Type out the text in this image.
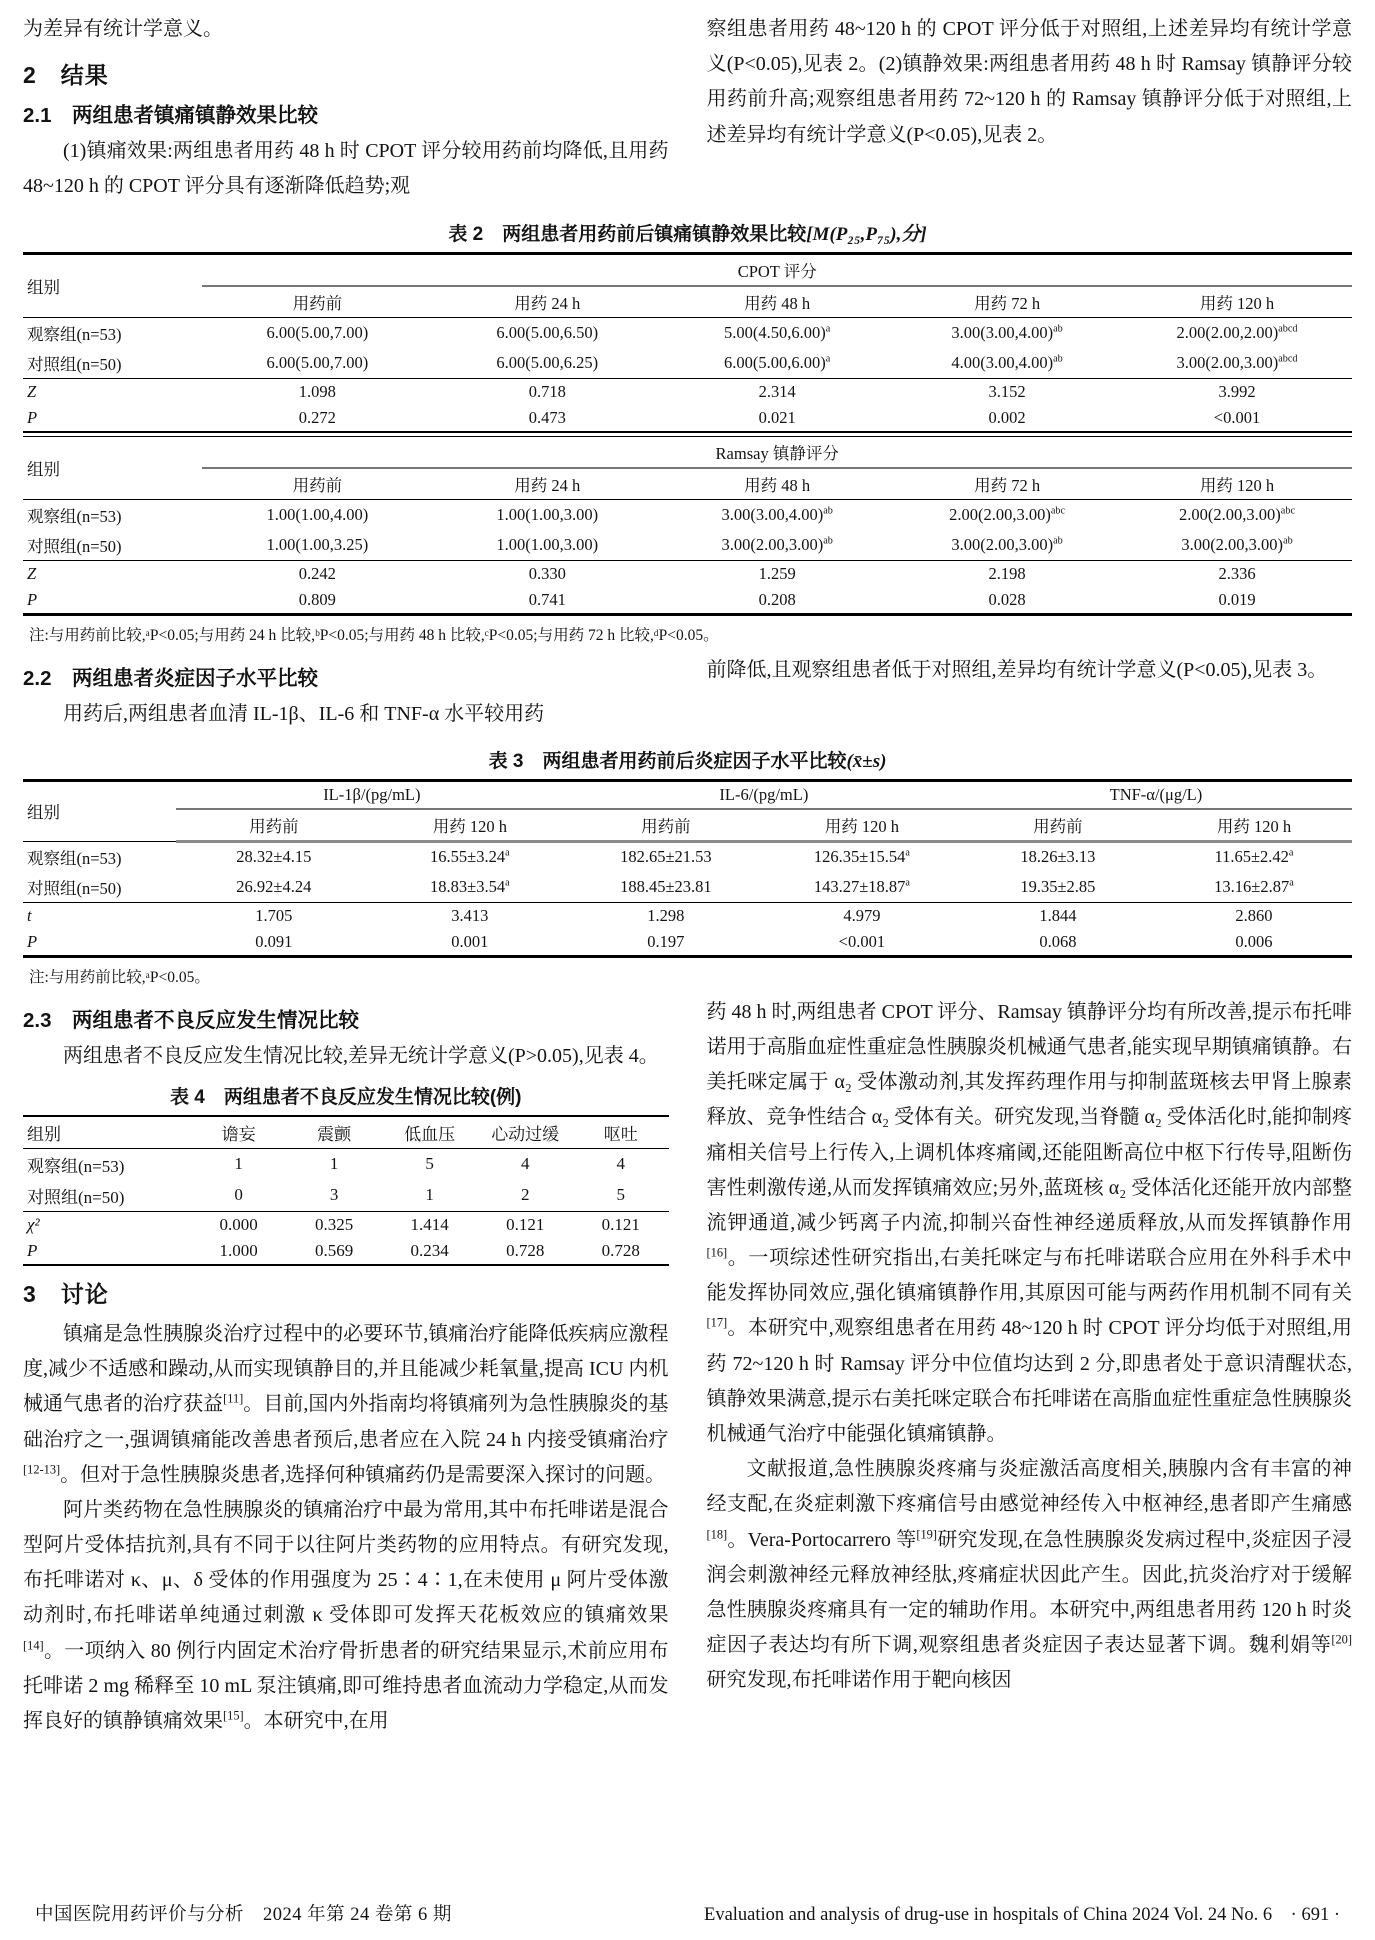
为差异有统计学意义。

2　结果
2.1　两组患者镇痛镇静效果比较

(1)镇痛效果:两组患者用药 48 h 时 CPOT 评分较用药前均降低,且用药 48~120 h 的 CPOT 评分具有逐渐降低趋势;观

察组患者用药 48~120 h 的 CPOT 评分低于对照组,上述差异均有统计学意义(P<0.05),见表 2。(2)镇静效果:两组患者用药 48 h 时 Ramsay 镇静评分较用药前升高;观察组患者用药 72~120 h 的 Ramsay 镇静评分低于对照组,上述差异均有统计学意义(P<0.05),见表 2。

表 2　 两组患者用药前后镇痛镇静效果比较[M(P₂₅,P₇₅),分]
组别	CPOT 评分				
	用药前	用药 24 h	用药 48 h	用药 72 h	用药 120 h
观察组(n=53)	6.00(5.00,7.00)	6.00(5.00,6.50)	$5.00(4.50,6.00)^a$	$3.00(3.00,4.00)^{ab}$	$2.00(2.00,2.00)^{abcd}$
对照组(n=50)	6.00(5.00,7.00)	6.00(5.00,6.25)	$6.00(5.00,6.00)^a$	$4.00(3.00,4.00)^{ab}$	$3.00(2.00,3.00)^{abcd}$
Z	1.098	0.718	2.314	3.152	3.992
P	0.272	0.473	0.021	0.002	<0.001
组别	Ramsay 镇静评分				
	用药前	用药 24 h	用药 48 h	用药 72 h	用药 120 h
观察组(n=53)	1.00(1.00,4.00)	1.00(1.00,3.00)	$3.00(3.00,4.00)^{ab}$	$2.00(2.00,3.00)^{abc}$	$2.00(2.00,3.00)^{abc}$
对照组(n=50)	1.00(1.00,3.25)	1.00(1.00,3.00)	$3.00(2.00,3.00)^{ab}$	$3.00(2.00,3.00)^{ab}$	$3.00(2.00,3.00)^{ab}$
Z	0.242	0.330	1.259	2.198	2.336
P	0.809	0.741	0.208	0.028	0.019
注:与用药前比较,ᵃP<0.05;与用药 24 h 比较,ᵇP<0.05;与用药 48 h 比较,ᶜP<0.05;与用药 72 h 比较,ᵈP<0.05。
2.2　两组患者炎症因子水平比较

用药后,两组患者血清 IL-1β、IL-6 和 TNF-α 水平较用药

前降低,且观察组患者低于对照组,差异均有统计学意义(P<0.05),见表 3。

表 3　 两组患者用药前后炎症因子水平比较(x̄±s)
组别	IL-1β/(pg/mL)		IL-6/(pg/mL)		TNF-α/(μg/L)	
	用药前	用药 120 h	用药前	用药 120 h	用药前	用药 120 h
观察组(n=53)	28.32±4.15	16.55±3.24$^a$	182.65±21.53	126.35±15.54$^a$	18.26±3.13	11.65±2.42$^a$
对照组(n=50)	26.92±4.24	18.83±3.54$^a$	188.45±23.81	143.27±18.87$^a$	19.35±2.85	13.16±2.87$^a$
t	1.705	3.413	1.298	4.979	1.844	2.860
P	0.091	0.001	0.197	<0.001	0.068	0.006
注:与用药前比较,ᵃP<0.05。
2.3　两组患者不良反应发生情况比较

两组患者不良反应发生情况比较,差异无统计学意义(P>0.05),见表 4。

表 4　 两组患者不良反应发生情况比较(例)
组别	谵妄	震颤	低血压	心动过缓	呕吐
观察组(n=53)	1	1	5	4	4
对照组(n=50)	0	3	1	2	5
χ²	0.000	0.325	1.414	0.121	0.121
P	1.000	0.569	0.234	0.728	0.728
3　讨论

镇痛是急性胰腺炎治疗过程中的必要环节,镇痛治疗能降低疾病应激程度,减少不适感和躁动,从而实现镇静目的,并且能减少耗氧量,提高 ICU 内机械通气患者的治疗获益[11]。目前,国内外指南均将镇痛列为急性胰腺炎的基础治疗之一,强调镇痛能改善患者预后,患者应在入院 24 h 内接受镇痛治疗[12-13]。但对于急性胰腺炎患者,选择何种镇痛药仍是需要深入探讨的问题。

阿片类药物在急性胰腺炎的镇痛治疗中最为常用,其中布托啡诺是混合型阿片受体拮抗剂,具有不同于以往阿片类药物的应用特点。有研究发现,布托啡诺对 κ、μ、δ 受体的作用强度为 25∶4∶1,在未使用 μ 阿片受体激动剂时,布托啡诺单纯通过刺激 κ 受体即可发挥天花板效应的镇痛效果[14]。一项纳入 80 例行内固定术治疗骨折患者的研究结果显示,术前应用布托啡诺 2 mg 稀释至 10 mL 泵注镇痛,即可维持患者血流动力学稳定,从而发挥良好的镇静镇痛效果[15]。本研究中,在用

药 48 h 时,两组患者 CPOT 评分、Ramsay 镇静评分均有所改善,提示布托啡诺用于高脂血症性重症急性胰腺炎机械通气患者,能实现早期镇痛镇静。右美托咪定属于 α₂ 受体激动剂,其发挥药理作用与抑制蓝斑核去甲肾上腺素释放、竞争性结合 α₂ 受体有关。研究发现,当脊髓 α₂ 受体活化时,能抑制疼痛相关信号上行传入,上调机体疼痛阈,还能阻断高位中枢下行传导,阻断伤害性刺激传递,从而发挥镇痛效应;另外,蓝斑核 α₂ 受体活化还能开放内部整流钾通道,减少钙离子内流,抑制兴奋性神经递质释放,从而发挥镇静作用[16]。一项综述性研究指出,右美托咪定与布托啡诺联合应用在外科手术中能发挥协同效应,强化镇痛镇静作用,其原因可能与两药作用机制不同有关[17]。本研究中,观察组患者在用药 48~120 h 时 CPOT 评分均低于对照组,用药 72~120 h 时 Ramsay 评分中位值均达到 2 分,即患者处于意识清醒状态,镇静效果满意,提示右美托咪定联合布托啡诺在高脂血症性重症急性胰腺炎机械通气治疗中能强化镇痛镇静。

文献报道,急性胰腺炎疼痛与炎症激活高度相关,胰腺内含有丰富的神经支配,在炎症刺激下疼痛信号由感觉神经传入中枢神经,患者即产生痛感[18]。Vera-Portocarrero 等[19]研究发现,在急性胰腺炎发病过程中,炎症因子浸润会刺激神经元释放神经肽,疼痛症状因此产生。因此,抗炎治疗对于缓解急性胰腺炎疼痛具有一定的辅助作用。本研究中,两组患者用药 120 h 时炎症因子表达均有所下调,观察组患者炎症因子表达显著下调。魏利娟等[20]研究发现,布托啡诺作用于靶向核因

中国医院用药评价与分析　2024 年第 24 卷第 6 期	Evaluation and analysis of drug-use in hospitals of China 2024 Vol. 24 No. 6　· 691 ·
